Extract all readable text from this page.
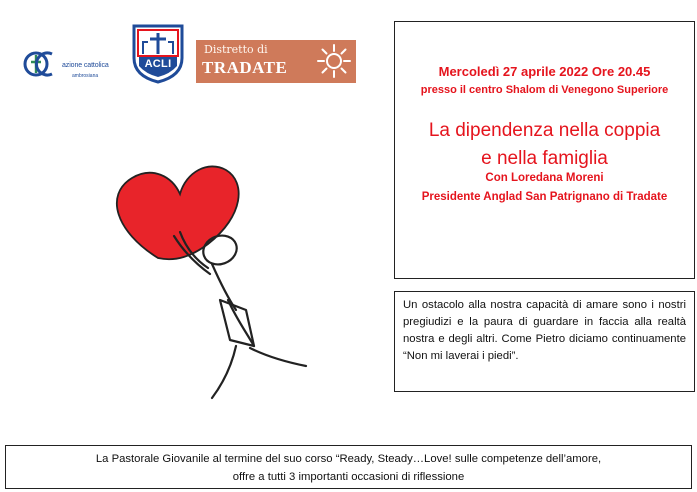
azione cattolica
ambrosiana
ACLI
Distretto di
TRADATE	Mercoledì 27 aprile 2022 Ore 20.45
presso il centro Shalom di Venegono Superiore
La dipendenza nella coppia
e nella famiglia
Con Loredana Moreni
Presidente Anglad San Patrignano di Tradate
Un ostacolo alla nostra capacità di amare sono i nostri pregiudizi e la paura di guardare in faccia alla realtà nostra e degli altri. Come Pietro diciamo continuamente “Non mi laverai i piedi”.
La Pastorale Giovanile al termine del suo corso “Ready, Steady…Love! sulle competenze dell’amore,
offre a tutti 3 importanti occasioni di riflessione
